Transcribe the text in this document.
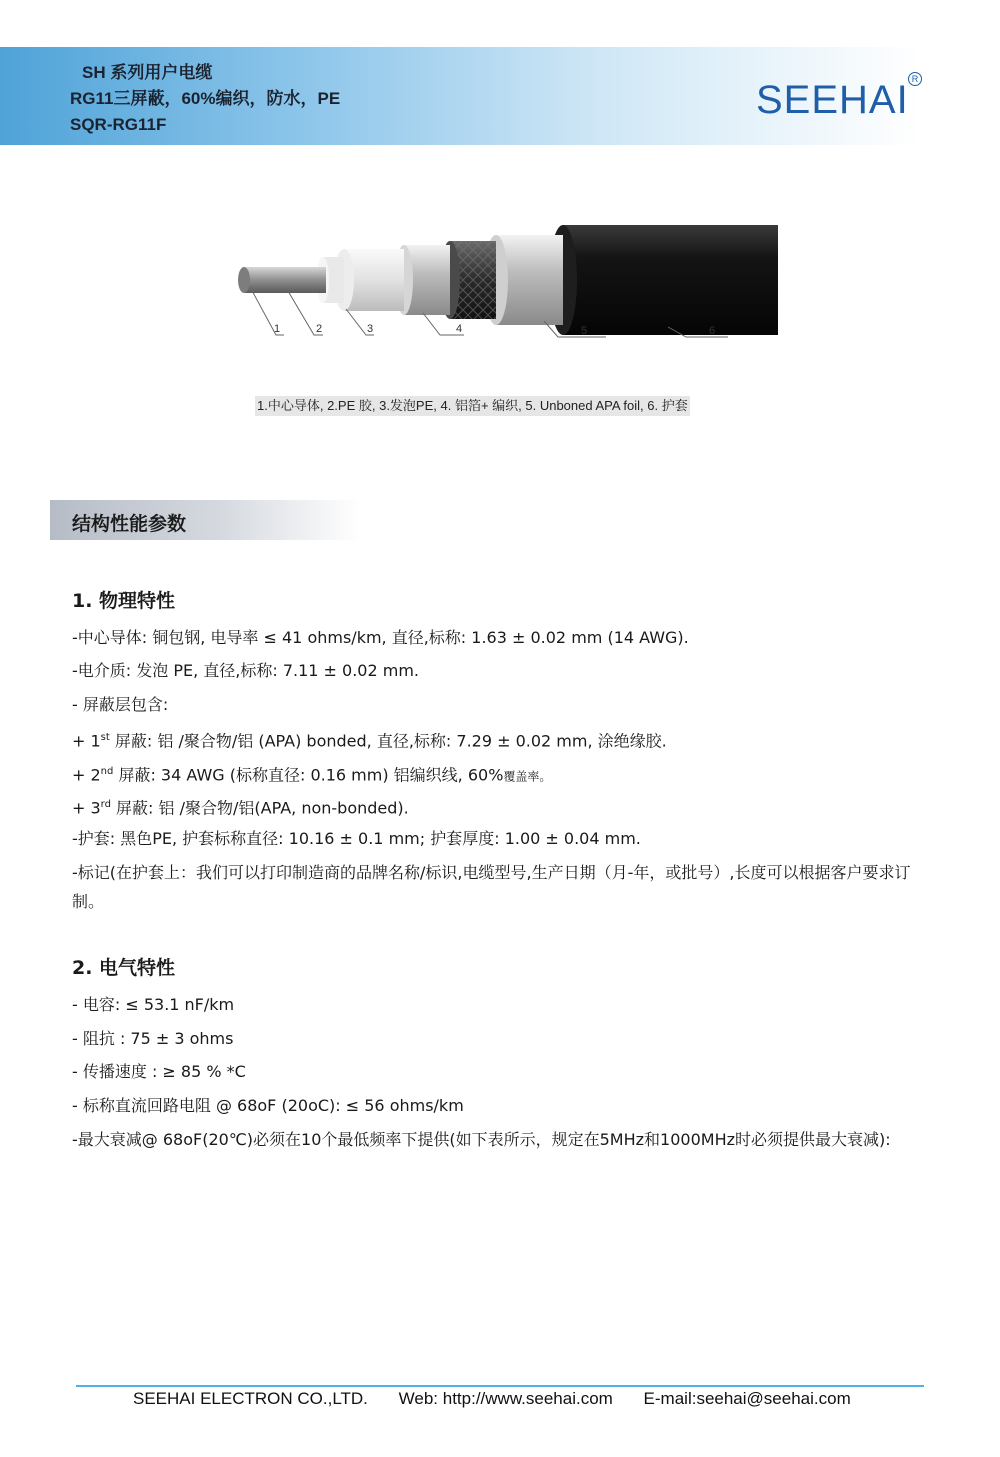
SH 系列用户电缆
RG11三屏蔽，60%编织，防水，PE
SQR-RG11F
SEEHAI R
1	2	3	4	5	6
1.中心导体, 2.PE 胶, 3.发泡PE, 4. 铝箔+ 编织, 5. Unboned APA foil, 6. 护套
结构性能参数
1. 物理特性
-中心导体: 铜包钢, 电导率 ≤ 41 ohms/km, 直径,标称: 1.63 ± 0.02 mm (14 AWG).
-电介质: 发泡 PE, 直径,标称: 7.11 ± 0.02 mm.
- 屏蔽层包含:
+ 1st 屏蔽: 铝 /聚合物/铝 (APA) bonded, 直径,标称: 7.29 ± 0.02 mm, 涂绝缘胶.
+ 2nd 屏蔽: 34 AWG (标称直径: 0.16 mm) 铝编织线, 60%覆盖率。
+ 3rd 屏蔽: 铝 /聚合物/铝(APA, non-bonded).
-护套: 黑色PE, 护套标称直径: 10.16 ± 0.1 mm; 护套厚度: 1.00 ± 0.04 mm.
-标记(在护套上：我们可以打印制造商的品牌名称/标识,电缆型号,生产日期（月-年，或批号）,长度可以根据客户要求订制。
2. 电气特性
- 电容: ≤ 53.1 nF/km
- 阻抗 : 75 ± 3 ohms
- 传播速度 : ≥ 85 % *C
- 标称直流回路电阻 @ 68oF (20oC): ≤ 56 ohms/km
-最大衰减@ 68oF(20℃)必须在10个最低频率下提供(如下表所示，规定在5MHz和1000MHz时必须提供最大衰减):
SEEHAI ELECTRON CO.,LTD. Web: http://www.seehai.com E-mail:seehai@seehai.com
